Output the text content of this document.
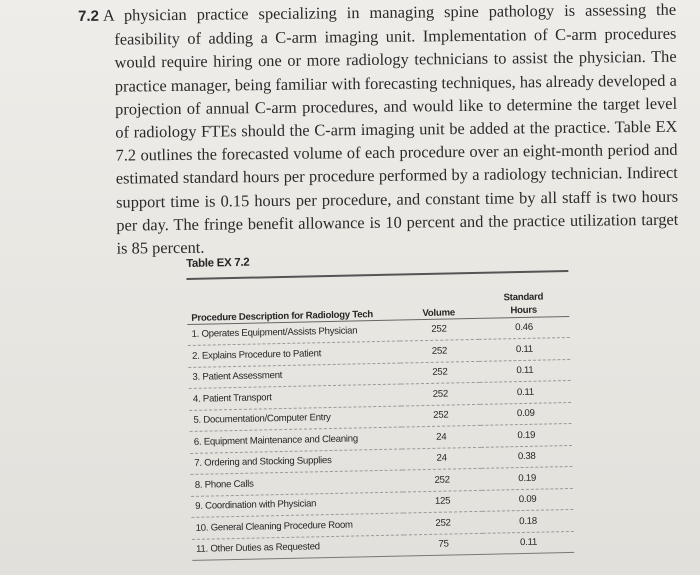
7.2 A physician practice specializing in managing spine pathology is assessing the feasibility of adding a C-arm imaging unit. Implementation of C-arm procedures would require hiring one or more radiology technicians to assist the physician. The practice manager, being familiar with forecasting techniques, has already developed a projection of annual C-arm procedures, and would like to determine the target level of radiology FTEs should the C-arm imaging unit be added at the practice. Table EX 7.2 outlines the forecasted volume of each procedure over an eight-month period and estimated standard hours per procedure performed by a radiology technician. Indirect support time is 0.15 hours per procedure, and constant time by all staff is two hours per day. The fringe benefit allowance is 10 percent and the practice utilization target is 85 percent.

Table EX 7.2
Procedure Description for Radiology Tech	Volume	Standard
Hours

1. Operates Equipment/Assists Physician	252	0.46
2. Explains Procedure to Patient	252	0.11
3. Patient Assessment	252	0.11
4. Patient Transport	252	0.11
5. Documentation/Computer Entry	252	0.09
6. Equipment Maintenance and Cleaning	24	0.19
7. Ordering and Stocking Supplies	24	0.38
8. Phone Calls	252	0.19
9. Coordination with Physician	125	0.09
10. General Cleaning Procedure Room	252	0.18
11. Other Duties as Requested	75	0.11
